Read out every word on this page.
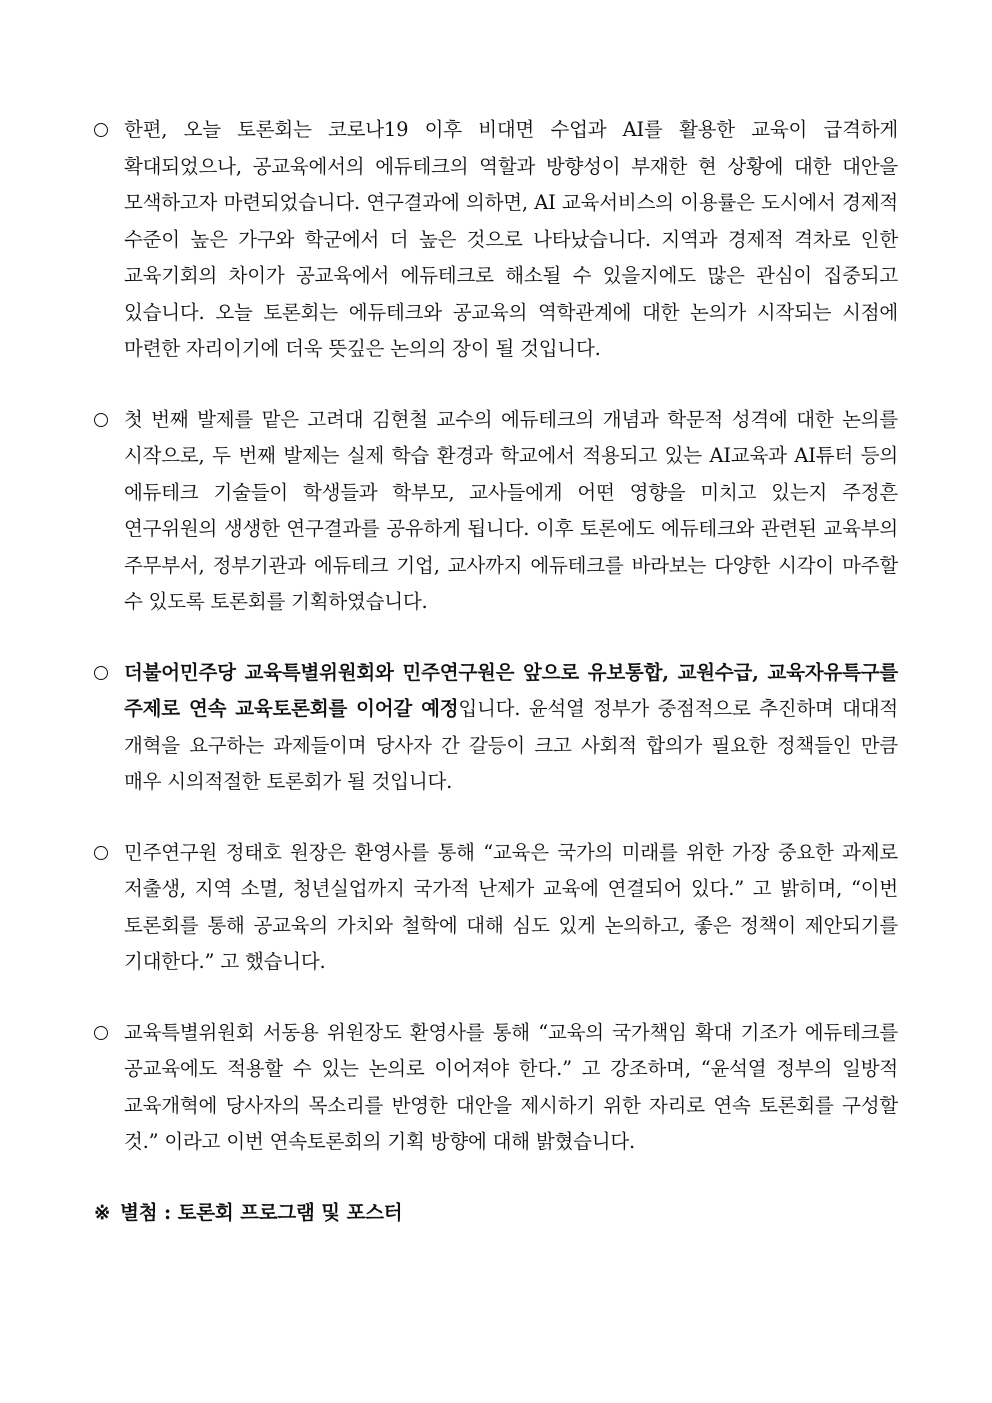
한편, 오늘 토론회는 코로나19 이후 비대면 수업과 AI를 활용한 교육이 급격하게 확대되었으나, 공교육에서의 에듀테크의 역할과 방향성이 부재한 현 상황에 대한 대안을 모색하고자 마련되었습니다. 연구결과에 의하면, AI 교육서비스의 이용률은 도시에서 경제적 수준이 높은 가구와 학군에서 더 높은 것으로 나타났습니다. 지역과 경제적 격차로 인한 교육기회의 차이가 공교육에서 에듀테크로 해소될 수 있을지에도 많은 관심이 집중되고 있습니다. 오늘 토론회는 에듀테크와 공교육의 역학관계에 대한 논의가 시작되는 시점에 마련한 자리이기에 더욱 뜻깊은 논의의 장이 될 것입니다.
첫 번째 발제를 맡은 고려대 김현철 교수의 에듀테크의 개념과 학문적 성격에 대한 논의를 시작으로, 두 번째 발제는 실제 학습 환경과 학교에서 적용되고 있는 AI교육과 AI튜터 등의 에듀테크 기술들이 학생들과 학부모, 교사들에게 어떤 영향을 미치고 있는지 주정흔 연구위원의 생생한 연구결과를 공유하게 됩니다. 이후 토론에도 에듀테크와 관련된 교육부의 주무부서, 정부기관과 에듀테크 기업, 교사까지 에듀테크를 바라보는 다양한 시각이 마주할 수 있도록 토론회를 기획하였습니다.
더불어민주당 교육특별위원회와 민주연구원은 앞으로 유보통합, 교원수급, 교육자유특구를 주제로 연속 교육토론회를 이어갈 예정입니다. 윤석열 정부가 중점적으로 추진하며 대대적 개혁을 요구하는 과제들이며 당사자 간 갈등이 크고 사회적 합의가 필요한 정책들인 만큼 매우 시의적절한 토론회가 될 것입니다.
민주연구원 정태호 원장은 환영사를 통해 “교육은 국가의 미래를 위한 가장 중요한 과제로 저출생, 지역 소멸, 청년실업까지 국가적 난제가 교육에 연결되어 있다.” 고 밝히며, “이번 토론회를 통해 공교육의 가치와 철학에 대해 심도 있게 논의하고, 좋은 정책이 제안되기를 기대한다.” 고 했습니다.
교육특별위원회 서동용 위원장도 환영사를 통해 “교육의 국가책임 확대 기조가 에듀테크를 공교육에도 적용할 수 있는 논의로 이어져야 한다.” 고 강조하며, “윤석열 정부의 일방적 교육개혁에 당사자의 목소리를 반영한 대안을 제시하기 위한 자리로 연속 토론회를 구성할 것.” 이라고 이번 연속토론회의 기획 방향에 대해 밝혔습니다.
※ 별첨 : 토론회 프로그램 및 포스터
